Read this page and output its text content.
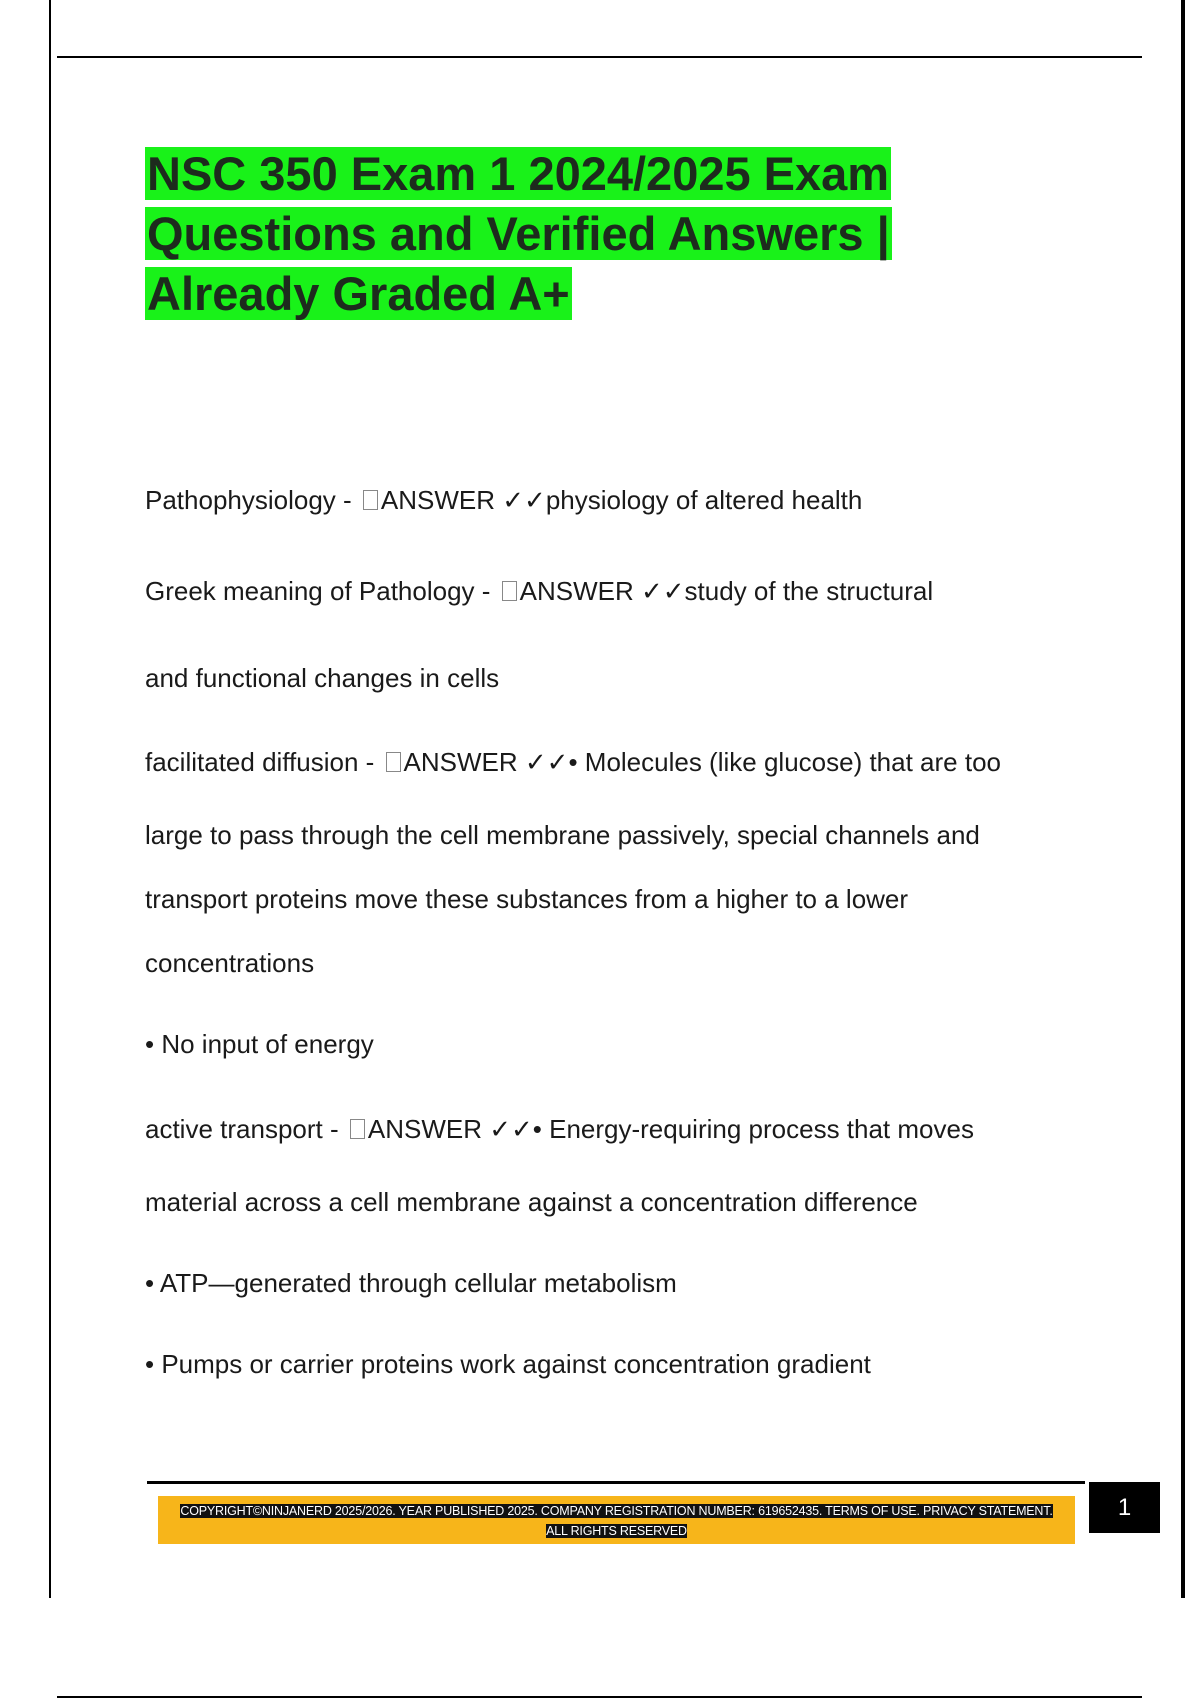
NSC 350 Exam 1 2024/2025 Exam Questions and Verified Answers | Already Graded A+

Pathophysiology - ANSWER ✓✓physiology of altered health

Greek meaning of Pathology - ANSWER ✓✓study of the structural

and functional changes in cells

facilitated diffusion - ANSWER ✓✓• Molecules (like glucose) that are too

large to pass through the cell membrane passively, special channels and

transport proteins move these substances from a higher to a lower

concentrations

• No input of energy

active transport - ANSWER ✓✓• Energy-requiring process that moves

material across a cell membrane against a concentration difference

• ATP—generated through cellular metabolism

• Pumps or carrier proteins work against concentration gradient

COPYRIGHT©NINJANERD 2025/2026. YEAR PUBLISHED 2025. COMPANY REGISTRATION NUMBER: 619652435. TERMS OF USE. PRIVACY STATEMENT. ALL RIGHTS RESERVED

1
